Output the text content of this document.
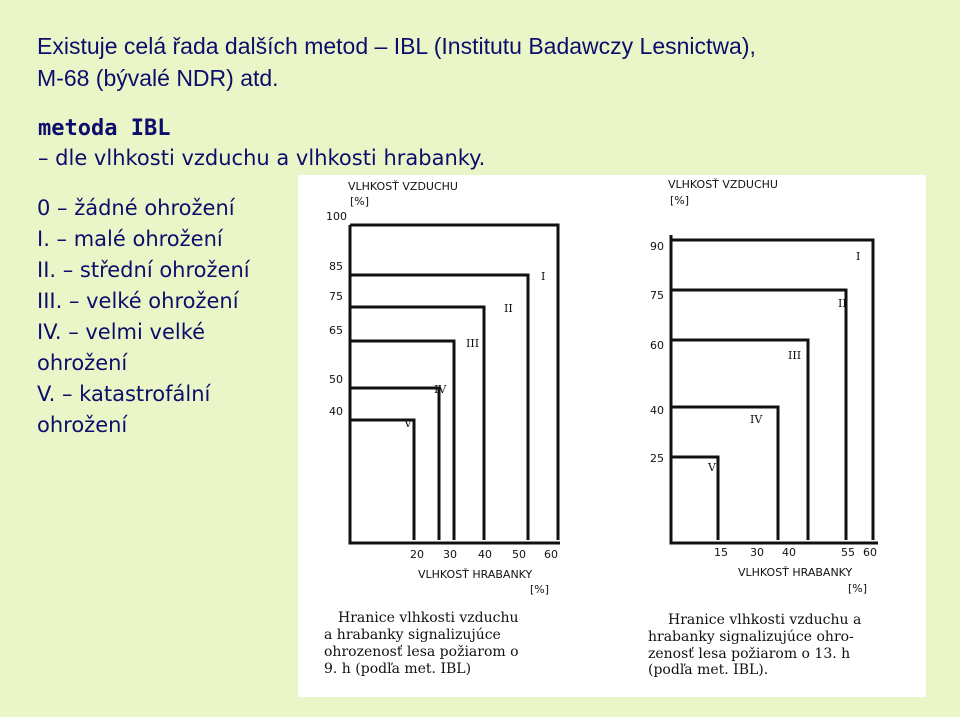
Existuje celá řada dalších metod – IBL (Institutu Badawczy Lesnictwa),
M-68 (bývalé NDR) atd.
metoda IBL
– dle vlhkosti vzduchu a vlhkosti hrabanky.
0 – žádné ohrožení
I. – malé ohrožení
II. – střední ohrožení
III. – velké ohrožení
IV. – velmi velké
ohrožení
V. – katastrofální
ohrožení
VLHKOSŤ VZDUCHU
[%]
100
85
75
65
50
40
I
II
III
IV
V
20 30 40 50 60
VLHKOSŤ HRABANKY
[%]
Hranice vlhkosti vzduchu
a hrabanky signalizujúce
ohrozenosť lesa požiarom o
9. h (podľa met. IBL)
VLHKOSŤ VZDUCHU
[%]
90
75
60
40
25
I
II
III
IV
V
15 30 40	55 60
VLHKOSŤ HRABANKY
[%]
Hranice vlhkosti vzduchu a
hrabanky signalizujúce ohro-
zenosť lesa požiarom o 13. h
(podľa met. IBL).
